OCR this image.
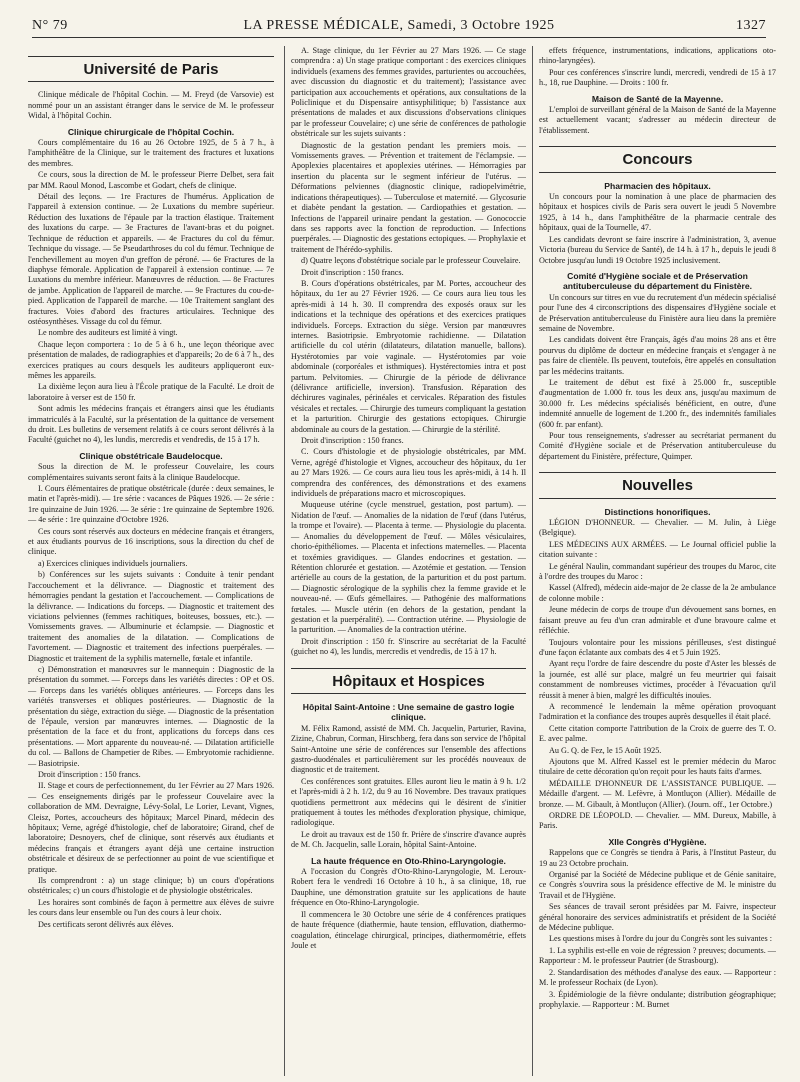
N° 79	LA PRESSE MÉDICALE, Samedi, 3 Octobre 1925	1327
Université de Paris

Clinique médicale de l'hôpital Cochin. — M. Freyd (de Varsovie) est nommé pour un an assistant étranger dans le service de M. le professeur Widal, à l'hôpital Cochin.

Clinique chirurgicale de l'hôpital Cochin.

Cours complémentaire du 16 au 26 Octobre 1925, de 5 à 7 h., à l'amphithéâtre de la Clinique, sur le traitement des fractures et luxations des membres.

Ce cours, sous la direction de M. le professeur Pierre Delbet, sera fait par MM. Raoul Monod, Lascombe et Godart, chefs de clinique.

Détail des leçons. — 1re Fractures de l'humérus. Application de l'appareil à extension continue. — 2e Luxations du membre supérieur. Réduction des luxations de l'épaule par la traction élastique. Traitement des luxations du carpe. — 3e Fractures de l'avant-bras et du poignet. Technique de réduction et appareils. — 4e Fractures du col du fémur. Technique du vissage. — 5e Pseudarthroses du col du fémur. Technique de l'enchevillement au moyen d'un greffon de péroné. — 6e Fractures de la diaphyse fémorale. Application de l'appareil à extension continue. — 7e Luxations du membre inférieur. Manœuvres de réduction. — 8e Fractures de jambe. Application de l'appareil de marche. — 9e Fractures du cou-de-pied. Application de l'appareil de marche. — 10e Traitement sanglant des fractures. Voies d'abord des fractures articulaires. Technique des ostéosynthèses. Vissage du col du fémur.

Le nombre des auditeurs est limité à vingt.

Chaque leçon comportera : 1o de 5 à 6 h., une leçon théorique avec présentation de malades, de radiographies et d'appareils; 2o de 6 à 7 h., des exercices pratiques au cours desquels les auditeurs appliqueront eux-mêmes les appareils.

La dixième leçon aura lieu à l'École pratique de la Faculté. Le droit de laboratoire à verser est de 150 fr.

Sont admis les médecins français et étrangers ainsi que les étudiants immatriculés à la Faculté, sur la présentation de la quittance de versement du droit. Les bulletins de versement relatifs à ce cours seront délivrés à la Faculté (guichet no 4), les lundis, mercredis et vendredis, de 15 à 17 h.

Clinique obstétricale Baudelocque.

Sous la direction de M. le professeur Couvelaire, les cours complémentaires suivants seront faits à la clinique Baudelocque.

I. Cours élémentaires de pratique obstétricale (durée : deux semaines, le matin et l'après-midi). — 1re série : vacances de Pâques 1926. — 2e série : 1re quinzaine de Juin 1926. — 3e série : 1re quinzaine de Septembre 1926. — 4e série : 1re quinzaine d'Octobre 1926.

Ces cours sont réservés aux docteurs en médecine français et étrangers, et aux étudiants pourvus de 16 inscriptions, sous la direction du chef de clinique.

a) Exercices cliniques individuels journaliers.

b) Conférences sur les sujets suivants : Conduite à tenir pendant l'accouchement et la délivrance. — Diagnostic et traitement des hémorragies pendant la gestation et l'accouchement. — Complications de la délivrance. — Indications du forceps. — Diagnostic et traitement des viciations pelviennes (femmes rachitiques, boiteuses, bossues, etc.). — Vomissements graves. — Albuminurie et éclampsie. — Diagnostic et traitement des anomalies de la dilatation. — Complications de l'avortement. — Diagnostic et traitement des infections puerpérales. — Diagnostic et traitement de la syphilis maternelle, fœtale et infantile.

c) Démonstration et manœuvres sur le mannequin : Diagnostic de la présentation du sommet. — Forceps dans les variétés directes : OP et OS. — Forceps dans les variétés obliques antérieures. — Forceps dans les variétés transverses et obliques postérieures. — Diagnostic de la présentation du siège, extraction du siège. — Diagnostic de la présentation de l'épaule, version par manœuvres internes. — Diagnostic de la présentation de la face et du front, applications du forceps dans ces présentations. — Mort apparente du nouveau-né. — Dilatation artificielle du col. — Ballons de Champetier de Ribes. — Embryotomie rachidienne. — Basiotripsie.

Droit d'inscription : 150 francs.

II. Stage et cours de perfectionnement, du 1er Février au 27 Mars 1926. — Ces enseignements dirigés par le professeur Couvelaire avec la collaboration de MM. Devraigne, Lévy-Solal, Le Lorier, Levant, Vignes, Cleisz, Portes, accoucheurs des hôpitaux; Marcel Pinard, médecin des hôpitaux; Verne, agrégé d'histologie, chef de laboratoire; Girand, chef de laboratoire; Desnoyers, chef de clinique, sont réservés aux étudiants et médecins français et étrangers ayant déjà une certaine instruction obstétricale et désireux de se perfectionner au point de vue scientifique et pratique.

Ils comprendront : a) un stage clinique; b) un cours d'opérations obstétricales; c) un cours d'histologie et de physiologie obstétricales.

Les horaires sont combinés de façon à permettre aux élèves de suivre les cours dans leur ensemble ou l'un des cours à leur choix.

Des certificats seront délivrés aux élèves.

A. Stage clinique, du 1er Février au 27 Mars 1926. — Ce stage comprendra : a) Un stage pratique comportant : des exercices cliniques individuels (examens des femmes gravides, parturientes ou accouchées, avec discussion du diagnostic et du traitement); l'assistance avec participation aux accouchements et opérations, aux consultations de la Policlinique et du Dispensaire antisyphilitique; b) l'assistance aux présentations de malades et aux discussions d'observations cliniques par le professeur Couvelaire; c) une série de conférences de pathologie obstétricale sur les sujets suivants :

Diagnostic de la gestation pendant les premiers mois. — Vomissements graves. — Prévention et traitement de l'éclampsie. — Apoplexies placentaires et apoplexies utérines. — Hémorragies par insertion du placenta sur le segment inférieur de l'utérus. — Déformations pelviennes (diagnostic clinique, radiopelvimétrie, indications thérapeutiques). — Tuberculose et maternité. — Glycosurie et diabète pendant la gestation. — Cardiopathies et gestation. — Infections de l'appareil urinaire pendant la gestation. — Gonococcie dans ses rapports avec la fonction de reproduction. — Infections puerpérales. — Diagnostic des gestations ectopiques. — Prophylaxie et traitement de l'hérédo-syphilis.

d) Quatre leçons d'obstétrique sociale par le professeur Couvelaire.

Droit d'inscription : 150 francs.

B. Cours d'opérations obstétricales, par M. Portes, accoucheur des hôpitaux, du 1er au 27 Février 1926. — Ce cours aura lieu tous les après-midi à 14 h. 30. Il comprendra des exposés oraux sur les indications et la technique des opérations et des exercices pratiques individuels. Forceps. Extraction du siège. Version par manœuvres internes. Basiotripsie. Embryotomie rachidienne. — Dilatation artificielle du col utérin (dilatateurs, dilatation manuelle, ballons). Hystérotomies par voie vaginale. — Hystérotomies par voie abdominale (corporéales et isthmiques). Hystérectomies intra et post partum. Pelvitomies. — Chirurgie de la période de délivrance (délivrance artificielle, inversion). Transfusion. Réparation des déchirures vaginales, périnéales et cervicales. Réparation des fistules vésicales et rectales. — Chirurgie des tumeurs compliquant la gestation et la parturition. Chirurgie des gestations ectopiques. Chirurgie abdominale au cours de la gestation. — Chirurgie de la stérilité.

Droit d'inscription : 150 francs.

C. Cours d'histologie et de physiologie obstétricales, par MM. Verne, agrégé d'histologie et Vignes, accoucheur des hôpitaux, du 1er au 27 Mars 1926. — Ce cours aura lieu tous les après-midi, à 14 h. Il comprendra des conférences, des démonstrations et des examens individuels de préparations macro et microscopiques.

Muqueuse utérine (cycle menstruel, gestation, post partum). — Nidation de l'œuf. — Anomalies de la nidation de l'œuf (dans l'utérus, la trompe et l'ovaire). — Placenta à terme. — Physiologie du placenta. — Anomalies du développement de l'œuf. — Môles vésiculaires, chorio-épithéliomes. — Placenta et infections maternelles. — Placenta et toxémies gravidiques. — Glandes endocrines et gestation. — Rétention chlorurée et gestation. — Azotémie et gestation. — Tension artérielle au cours de la gestation, de la parturition et du post partum. — Diagnostic sérologique de la syphilis chez la femme gravide et le nouveau-né. — Œufs gémellaires. — Pathogénie des malformations fœtales. — Muscle utérin (en dehors de la gestation, pendant la gestation et la puerpéralité). — Contraction utérine. — Physiologie de la parturition. — Anomalies de la contraction utérine.

Droit d'inscription : 150 fr. S'inscrire au secrétariat de la Faculté (guichet no 4), les lundis, mercredis et vendredis, de 15 à 17 h.

Hôpitaux et Hospices
Hôpital Saint-Antoine : Une semaine de gastro logie clinique.

M. Félix Ramond, assisté de MM. Ch. Jacquelin, Parturier, Ravina, Zizine, Chabrun, Corman, Hirschberg, fera dans son service de l'hôpital Saint-Antoine une série de conférences sur l'ensemble des affections gastro-duodénales et particulièrement sur les procédés nouveaux de diagnostic et de traitement.

Ces conférences sont gratuites. Elles auront lieu le matin à 9 h. 1/2 et l'après-midi à 2 h. 1/2, du 9 au 16 Novembre. Des travaux pratiques quotidiens permettront aux médecins qui le désirent de s'initier pratiquement à toutes les méthodes d'exploration physique, chimique, radiologique.

Le droit au travaux est de 150 fr. Prière de s'inscrire d'avance auprès de M. Ch. Jacquelin, salle Lorain, hôpital Saint-Antoine.

La haute fréquence en Oto-Rhino-Laryngologie.

A l'occasion du Congrès d'Oto-Rhino-Laryngologie, M. Leroux-Robert fera le vendredi 16 Octobre à 10 h., à sa clinique, 18, rue Dauphine, une démonstration gratuite sur les applications de haute fréquence en Oto-Rhino-Laryngologie.

Il commencera le 30 Octobre une série de 4 conférences pratiques de haute fréquence (diathermie, haute tension, effluvation, diathermo-coagulation, étincelage chirurgical, principes, diathermométrie, effets Joule et

effets fréquence, instrumentations, indications, applications oto-rhino-laryngées).

Pour ces conférences s'inscrire lundi, mercredi, vendredi de 15 à 17 h., 18, rue Dauphine. — Droits : 100 fr.

Maison de Santé de la Mayenne.

L'emploi de surveillant général de la Maison de Santé de la Mayenne est actuellement vacant; s'adresser au médecin directeur de l'établissement.

Concours
Pharmacien des hôpitaux.

Un concours pour la nomination à une place de pharmacien des hôpitaux et hospices civils de Paris sera ouvert le jeudi 5 Novembre 1925, à 14 h., dans l'amphithéâtre de la pharmacie centrale des hôpitaux, quai de la Tournelle, 47.

Les candidats devront se faire inscrire à l'administration, 3, avenue Victoria (bureau du Service de Santé), de 14 h. à 17 h., depuis le jeudi 8 Octobre jusqu'au lundi 19 Octobre 1925 inclusivement.

Comité d'Hygiène sociale et de Préservation antituberculeuse du département du Finistère.

Un concours sur titres en vue du recrutement d'un médecin spécialisé pour l'une des 4 circonscriptions des dispensaires d'Hygiène sociale et de Préservation antituberculeuse du Finistère aura lieu dans la première semaine de Novembre.

Les candidats doivent être Français, âgés d'au moins 28 ans et être pourvus du diplôme de docteur en médecine français et s'engager à ne pas faire de clientèle. Ils peuvent, toutefois, être appelés en consultation par les médecins traitants.

Le traitement de début est fixé à 25.000 fr., susceptible d'augmentation de 1.000 fr. tous les deux ans, jusqu'au maximum de 30.000 fr. Les médecins spécialisés bénéficient, en outre, d'une indemnité annuelle de logement de 1.200 fr., des indemnités familiales (600 fr. par enfant).

Pour tous renseignements, s'adresser au secrétariat permanent du Comité d'Hygiène sociale et de Préservation antituberculeuse du département du Finistère, préfecture, Quimper.

Nouvelles
Distinctions honorifiques.

LÉGION D'HONNEUR. — Chevalier. — M. Julin, à Liège (Belgique).

LES MÉDECINS AUX ARMÉES. — Le Journal officiel publie la citation suivante :

Le général Naulin, commandant supérieur des troupes du Maroc, cite à l'ordre des troupes du Maroc :

Kassel (Alfred), médecin aide-major de 2e classe de la 2e ambulance de colonne mobile :

Jeune médecin de corps de troupe d'un dévouement sans bornes, en faisant preuve au feu d'un cran admirable et d'une bravoure calme et réfléchie.

Toujours volontaire pour les missions périlleuses, s'est distingué d'une façon éclatante aux combats des 4 et 5 Juin 1925.

Ayant reçu l'ordre de faire descendre du poste d'Aster les blessés de la journée, est allé sur place, malgré un feu meurtrier qui faisait constamment de nombreuses victimes, procéder à l'évacuation qu'il réussit à mener à bien, malgré les difficultés inouïes.

A recommencé le lendemain la même opération provoquant l'admiration et la confiance des troupes auprès desquelles il était placé.

Cette citation comporte l'attribution de la Croix de guerre des T. O. E. avec palme.

Au G. Q. de Fez, le 15 Août 1925.

Ajoutons que M. Alfred Kassel est le premier médecin du Maroc titulaire de cette décoration qu'on reçoit pour les hauts faits d'armes.

MÉDAILLE D'HONNEUR DE L'ASSISTANCE PUBLIQUE. — Médaille d'argent. — M. Lefèvre, à Montluçon (Allier). Médaille de bronze. — M. Gibault, à Montluçon (Allier). (Journ. off., 1er Octobre.)

ORDRE DE LÉOPOLD. — Chevalier. — MM. Dureux, Mabille, à Paris.

XIIe Congrès d'Hygiène.

Rappelons que ce Congrès se tiendra à Paris, à l'Institut Pasteur, du 19 au 23 Octobre prochain.

Organisé par la Société de Médecine publique et de Génie sanitaire, ce Congrès s'ouvrira sous la présidence effective de M. le ministre du Travail et de l'Hygiène.

Ses séances de travail seront présidées par M. Faivre, inspecteur général honoraire des services administratifs et président de la Société de Médecine publique.

Les questions mises à l'ordre du jour du Congrès sont les suivantes :

1. La syphilis est-elle en voie de régression ? preuves; documents. — Rapporteur : M. le professeur Pautrier (de Strasbourg).

2. Standardisation des méthodes d'analyse des eaux. — Rapporteur : M. le professeur Rochaix (de Lyon).

3. Épidémiologie de la fièvre ondulante; distribution géographique; prophylaxie. — Rapporteur : M. Burnet
